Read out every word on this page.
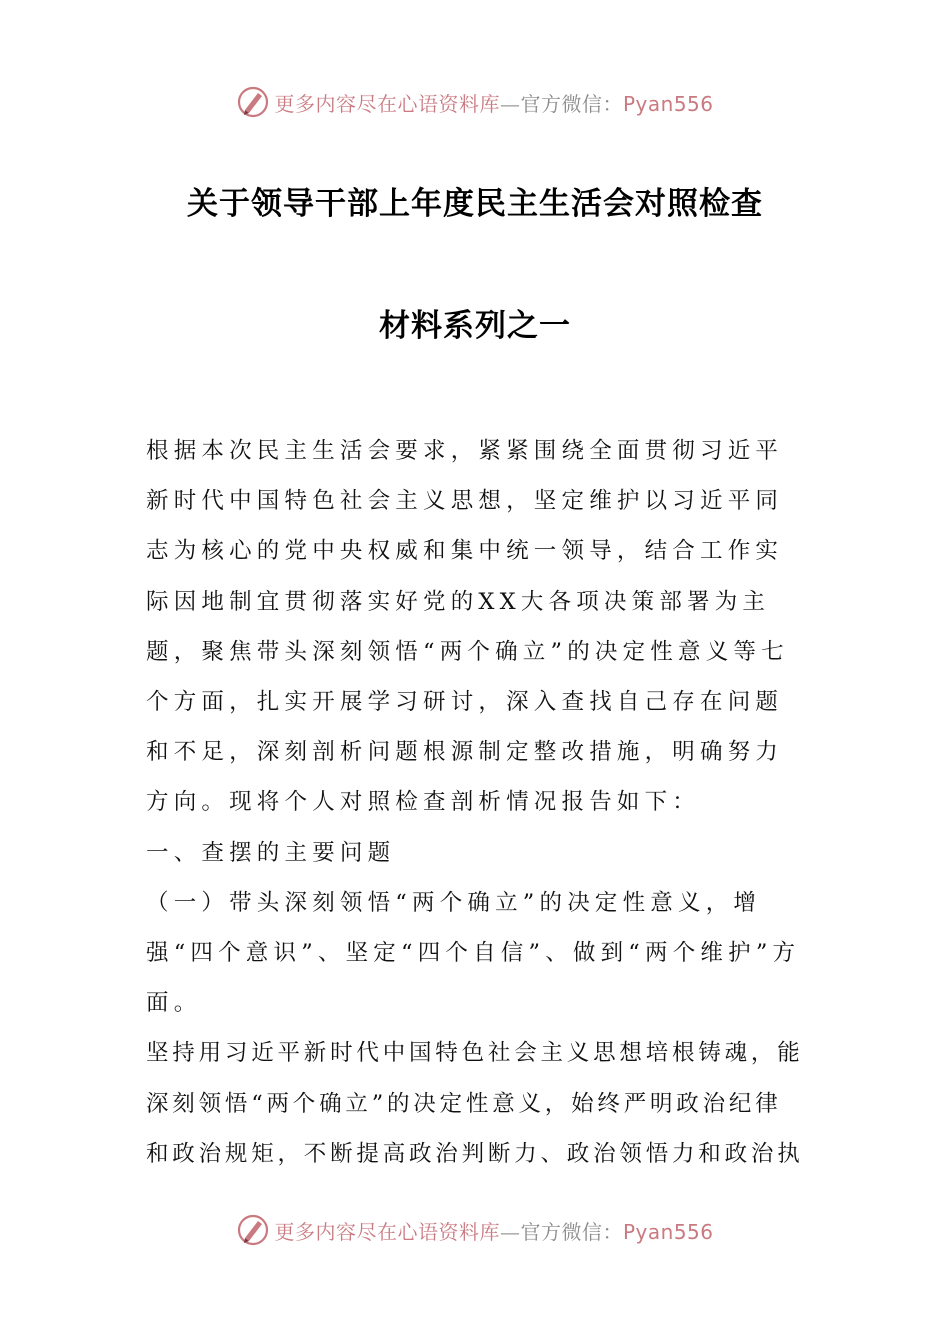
更多内容尽在心语资料库—官方微信：Pyan556
关于领导干部上年度民主生活会对照检查
材料系列之一

根据本次民主生活会要求，紧紧围绕全面贯彻习近平新时代中国特色社会主义思想，坚定维护以习近平同志为核心的党中央权威和集中统一领导，结合工作实际因地制宜贯彻落实好党的XX大各项决策部署为主题，聚焦带头深刻领悟“两个确立”的决定性意义等七个方面，扎实开展学习研讨，深入查找自己存在问题和不足，深刻剖析问题根源制定整改措施，明确努力方向。现将个人对照检查剖析情况报告如下：

一、查摆的主要问题

（一）带头深刻领悟“两个确立”的决定性意义，增强“四个意识”、坚定“四个自信”、做到“两个维护”方面。

坚持用习近平新时代中国特色社会主义思想培根铸魂，能深刻领悟“两个确立”的决定性意义，始终严明政治纪律和政治规矩，不断提高政治判断力、政治领悟力和政治执

更多内容尽在心语资料库—官方微信：Pyan556
